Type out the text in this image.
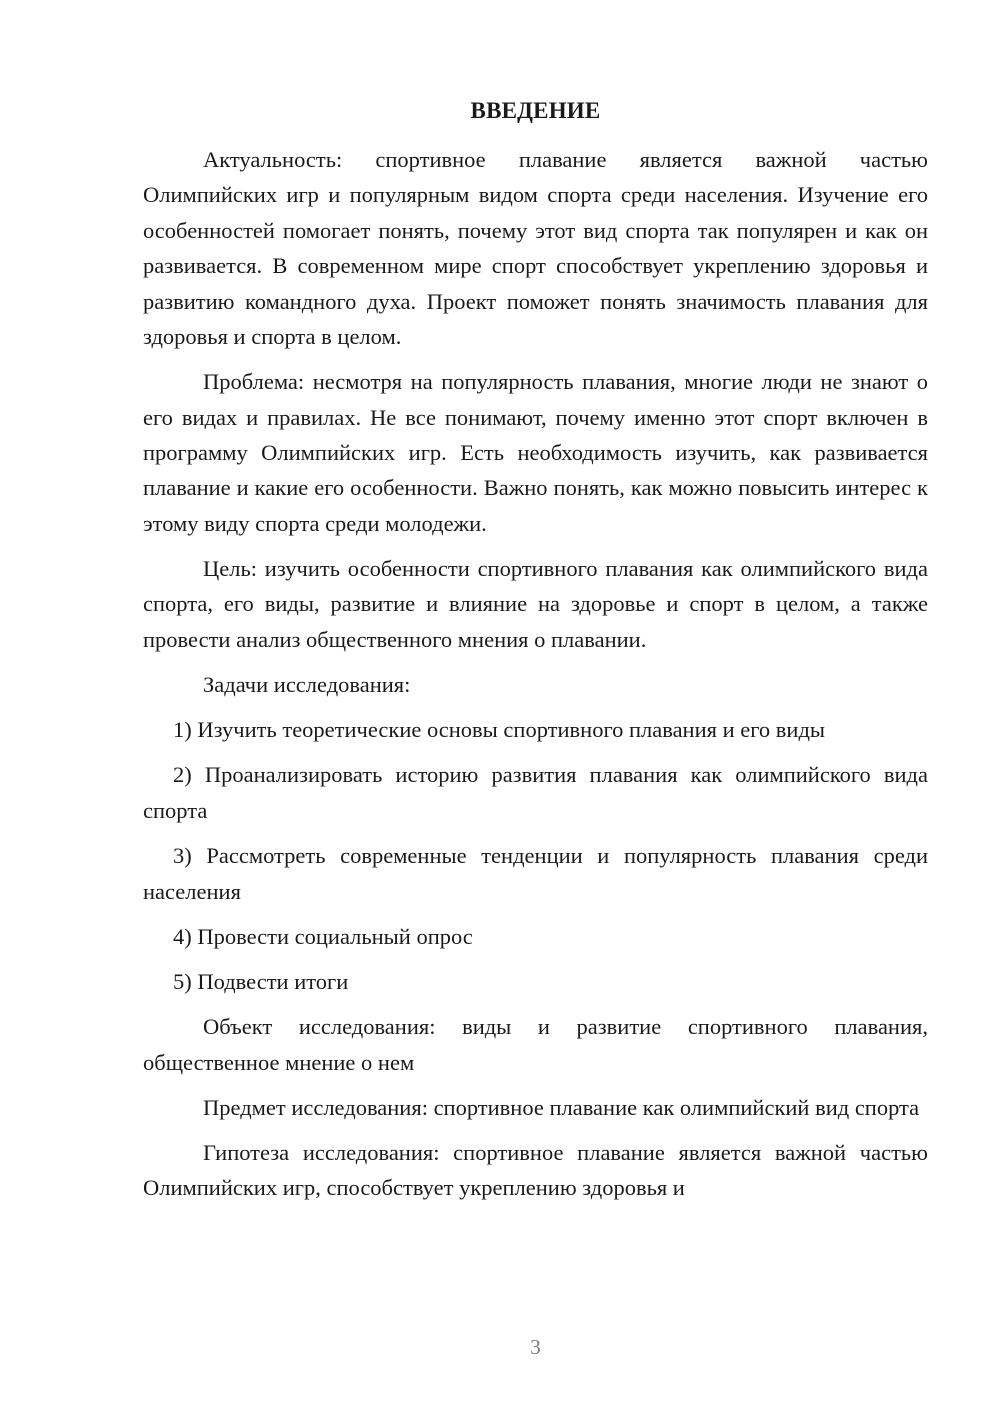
ВВЕДЕНИЕ

Актуальность: спортивное плавание является важной частью Олимпийских игр и популярным видом спорта среди населения. Изучение его особенностей помогает понять, почему этот вид спорта так популярен и как он развивается. В современном мире спорт способствует укреплению здоровья и развитию командного духа. Проект поможет понять значимость плавания для здоровья и спорта в целом.

Проблема: несмотря на популярность плавания, многие люди не знают о его видах и правилах. Не все понимают, почему именно этот спорт включен в программу Олимпийских игр. Есть необходимость изучить, как развивается плавание и какие его особенности. Важно понять, как можно повысить интерес к этому виду спорта среди молодежи.

Цель: изучить особенности спортивного плавания как олимпийского вида спорта, его виды, развитие и влияние на здоровье и спорт в целом, а также провести анализ общественного мнения о плавании.

Задачи исследования:

1) Изучить теоретические основы спортивного плавания и его виды

2) Проанализировать историю развития плавания как олимпийского вида спорта

3) Рассмотреть современные тенденции и популярность плавания среди населения

4) Провести социальный опрос

5) Подвести итоги

Объект исследования: виды и развитие спортивного плавания, общественное мнение о нем

Предмет исследования: спортивное плавание как олимпийский вид спорта

Гипотеза исследования: спортивное плавание является важной частью Олимпийских игр, способствует укреплению здоровья и

3
